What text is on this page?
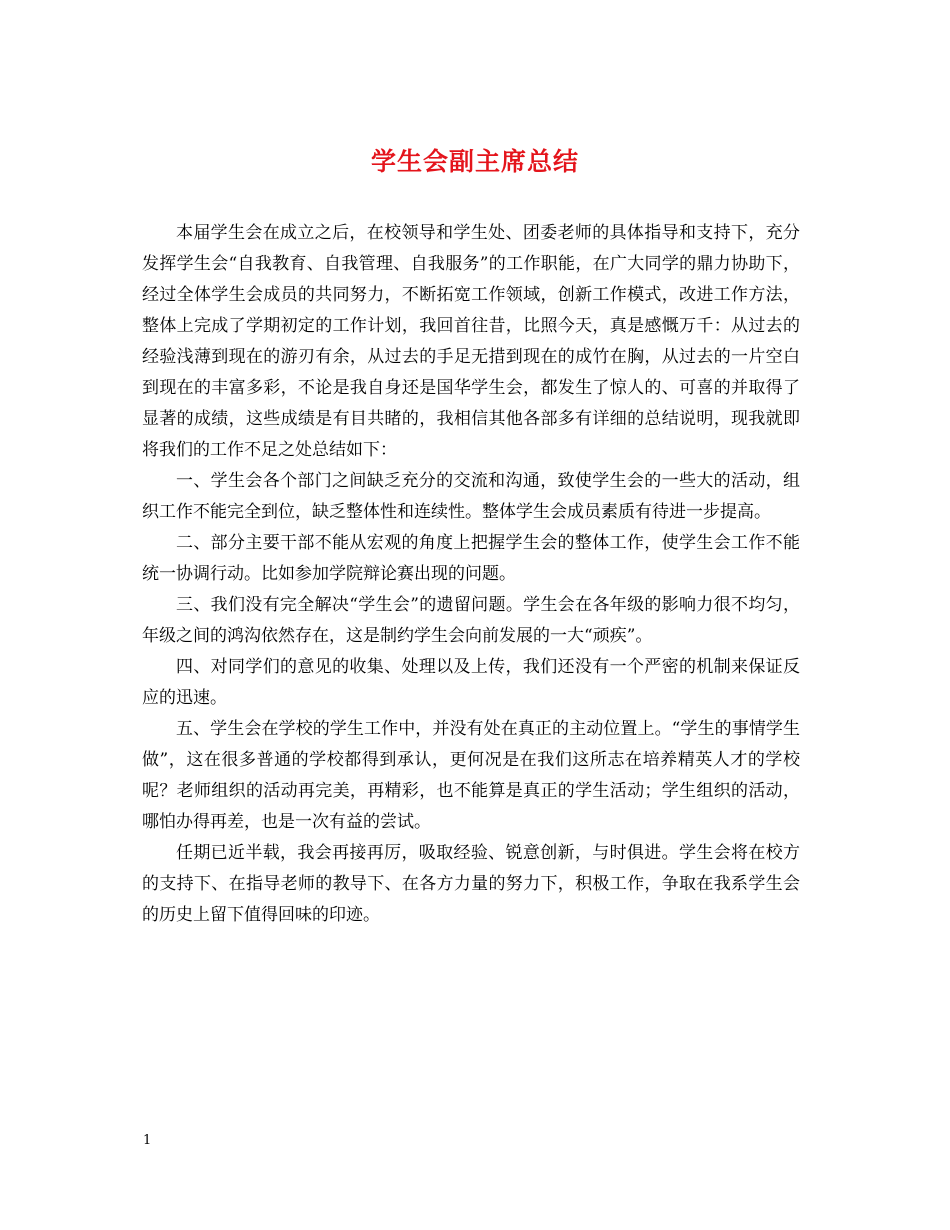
学生会副主席总结

本届学生会在成立之后，在校领导和学生处、团委老师的具体指导和支持下，充分发挥学生会“自我教育、自我管理、自我服务”的工作职能，在广大同学的鼎力协助下，经过全体学生会成员的共同努力，不断拓宽工作领域，创新工作模式，改进工作方法，整体上完成了学期初定的工作计划，我回首往昔，比照今天，真是感慨万千：从过去的经验浅薄到现在的游刃有余，从过去的手足无措到现在的成竹在胸，从过去的一片空白到现在的丰富多彩，不论是我自身还是国华学生会，都发生了惊人的、可喜的并取得了显著的成绩，这些成绩是有目共睹的，我相信其他各部多有详细的总结说明，现我就即将我们的工作不足之处总结如下：

一、学生会各个部门之间缺乏充分的交流和沟通，致使学生会的一些大的活动，组织工作不能完全到位，缺乏整体性和连续性。整体学生会成员素质有待进一步提高。

二、部分主要干部不能从宏观的角度上把握学生会的整体工作，使学生会工作不能统一协调行动。比如参加学院辩论赛出现的问题。

三、我们没有完全解决“学生会”的遗留问题。学生会在各年级的影响力很不均匀，年级之间的鸿沟依然存在，这是制约学生会向前发展的一大“顽疾”。

四、对同学们的意见的收集、处理以及上传，我们还没有一个严密的机制来保证反应的迅速。

五、学生会在学校的学生工作中，并没有处在真正的主动位置上。“学生的事情学生做”，这在很多普通的学校都得到承认，更何况是在我们这所志在培养精英人才的学校呢？老师组织的活动再完美，再精彩，也不能算是真正的学生活动；学生组织的活动，哪怕办得再差，也是一次有益的尝试。

任期已近半载，我会再接再厉，吸取经验、锐意创新，与时俱进。学生会将在校方的支持下、在指导老师的教导下、在各方力量的努力下，积极工作，争取在我系学生会的历史上留下值得回味的印迹。

1
